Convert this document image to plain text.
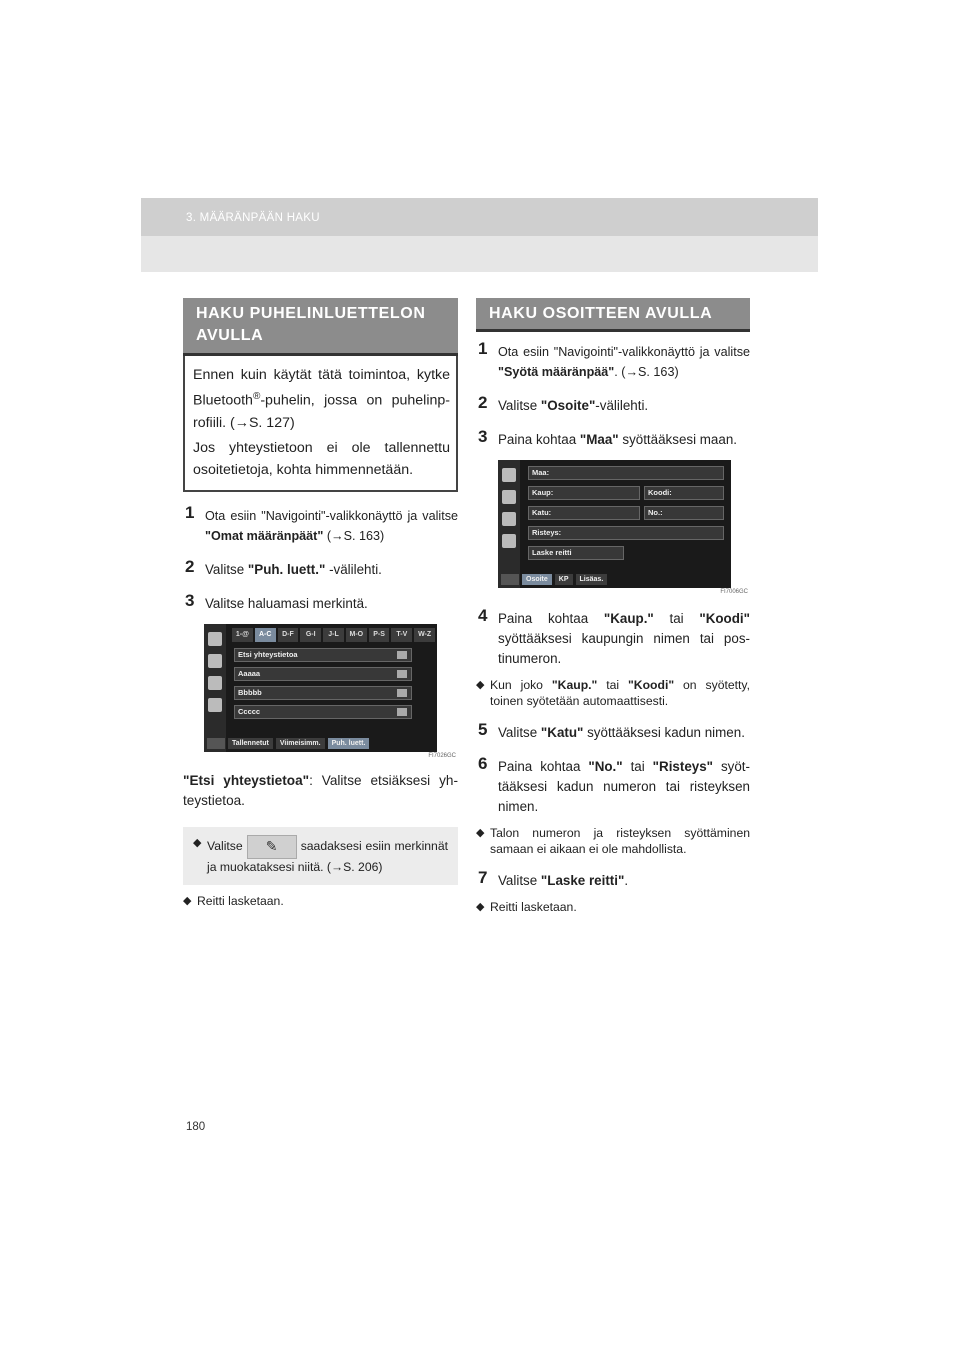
3. MÄÄRÄNPÄÄN HAKU
HAKU PUHELINLUETTELON AVULLA

Ennen kuin käytät tätä toimintoa, kytke Bluetooth®-puhelin, jossa on puhelinprofiili. (→S. 127)

Jos yhteystietoon ei ole tallennettu osoitetietoja, kohta himmennetään.

1 Ota esiin "Navigointi"-valikkonäyttö ja valitse "Omat määränpäät" (→S. 163)
2 Valitse "Puh. luett." -välilehti.
3 Valitse haluamasi merkintä.
1-@	A-C	D-F	G-I	J-L	M-O	P-S	T-V	W-Z
Etsi yhteystietoa
Aaaaa
Bbbbb
Ccccc
Tallennetut	Viimeisimm.	Puh. luett.
FI7026GC
"Etsi yhteystietoa": Valitse etsiäksesi yhteystietoa.
◆ Valitse✎	saadaksesi esiin merkinnät ja muokataksesi niitä. (→S. 206)
◆ Reitti lasketaan.
HAKU OSOITTEEN AVULLA
1 Ota esiin "Navigointi"-valikkonäyttö ja valitse "Syötä määränpää". (→S. 163)
2 Valitse "Osoite"-välilehti.
3 Paina kohtaa "Maa" syöttääksesi maan.
Maa:
Kaup:	Koodi:
Katu:	No.:
Risteys:
Laske reitti
Osoite	KP	Lisäas.
FI7006GC
4 Paina kohtaa "Kaup." tai "Koodi" syöttääksesi kaupungin nimen tai postinumeron.
◆ Kun joko "Kaup." tai "Koodi" on syötetty, toinen syötetään automaattisesti.
5 Valitse "Katu" syöttääksesi kadun nimen.
6 Paina kohtaa "No." tai "Risteys" syöttääksesi kadun numeron tai risteyksen nimen.
◆ Talon numeron ja risteyksen syöttäminen samaan ei aikaan ei ole mahdollista.
7 Valitse "Laske reitti".
◆ Reitti lasketaan.
180
